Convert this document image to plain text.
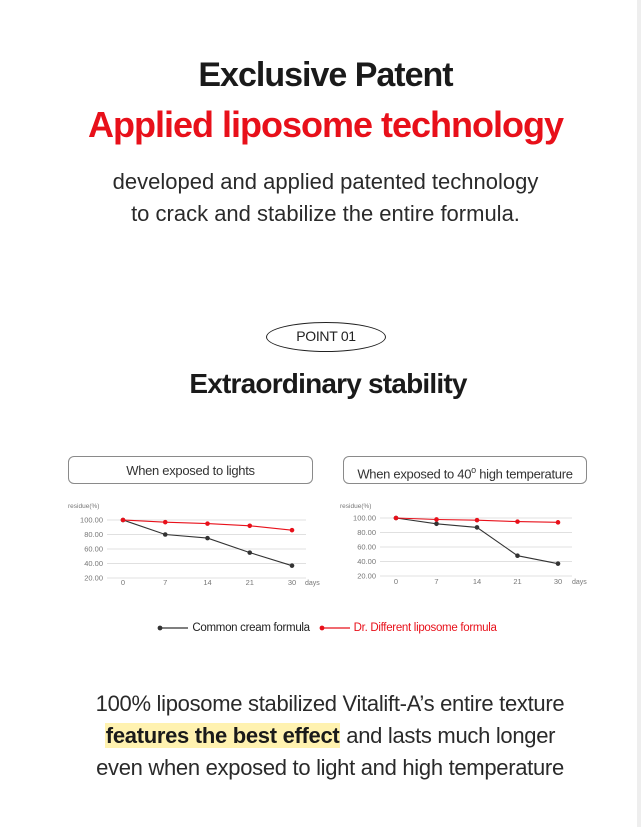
Exclusive Patent
Applied liposome technology
developed and applied patented technology
to crack and stabilize the entire formula.
POINT 01
Extraordinary stability
When exposed to lights	When exposed to 40$^o$ high temperature
residue(%)
100.00
80.00
60.00
40.00
20.00 0	7	14	21	30 days
residue(%)
100.00
80.00
60.00
40.00
20.00
0	7	14	21	30 days
Common cream formula
	Dr. Different liposome formula
100% liposome stabilized Vitalift-A’s entire texture
features the best effect and lasts much longer
even when exposed to light and high temperature
